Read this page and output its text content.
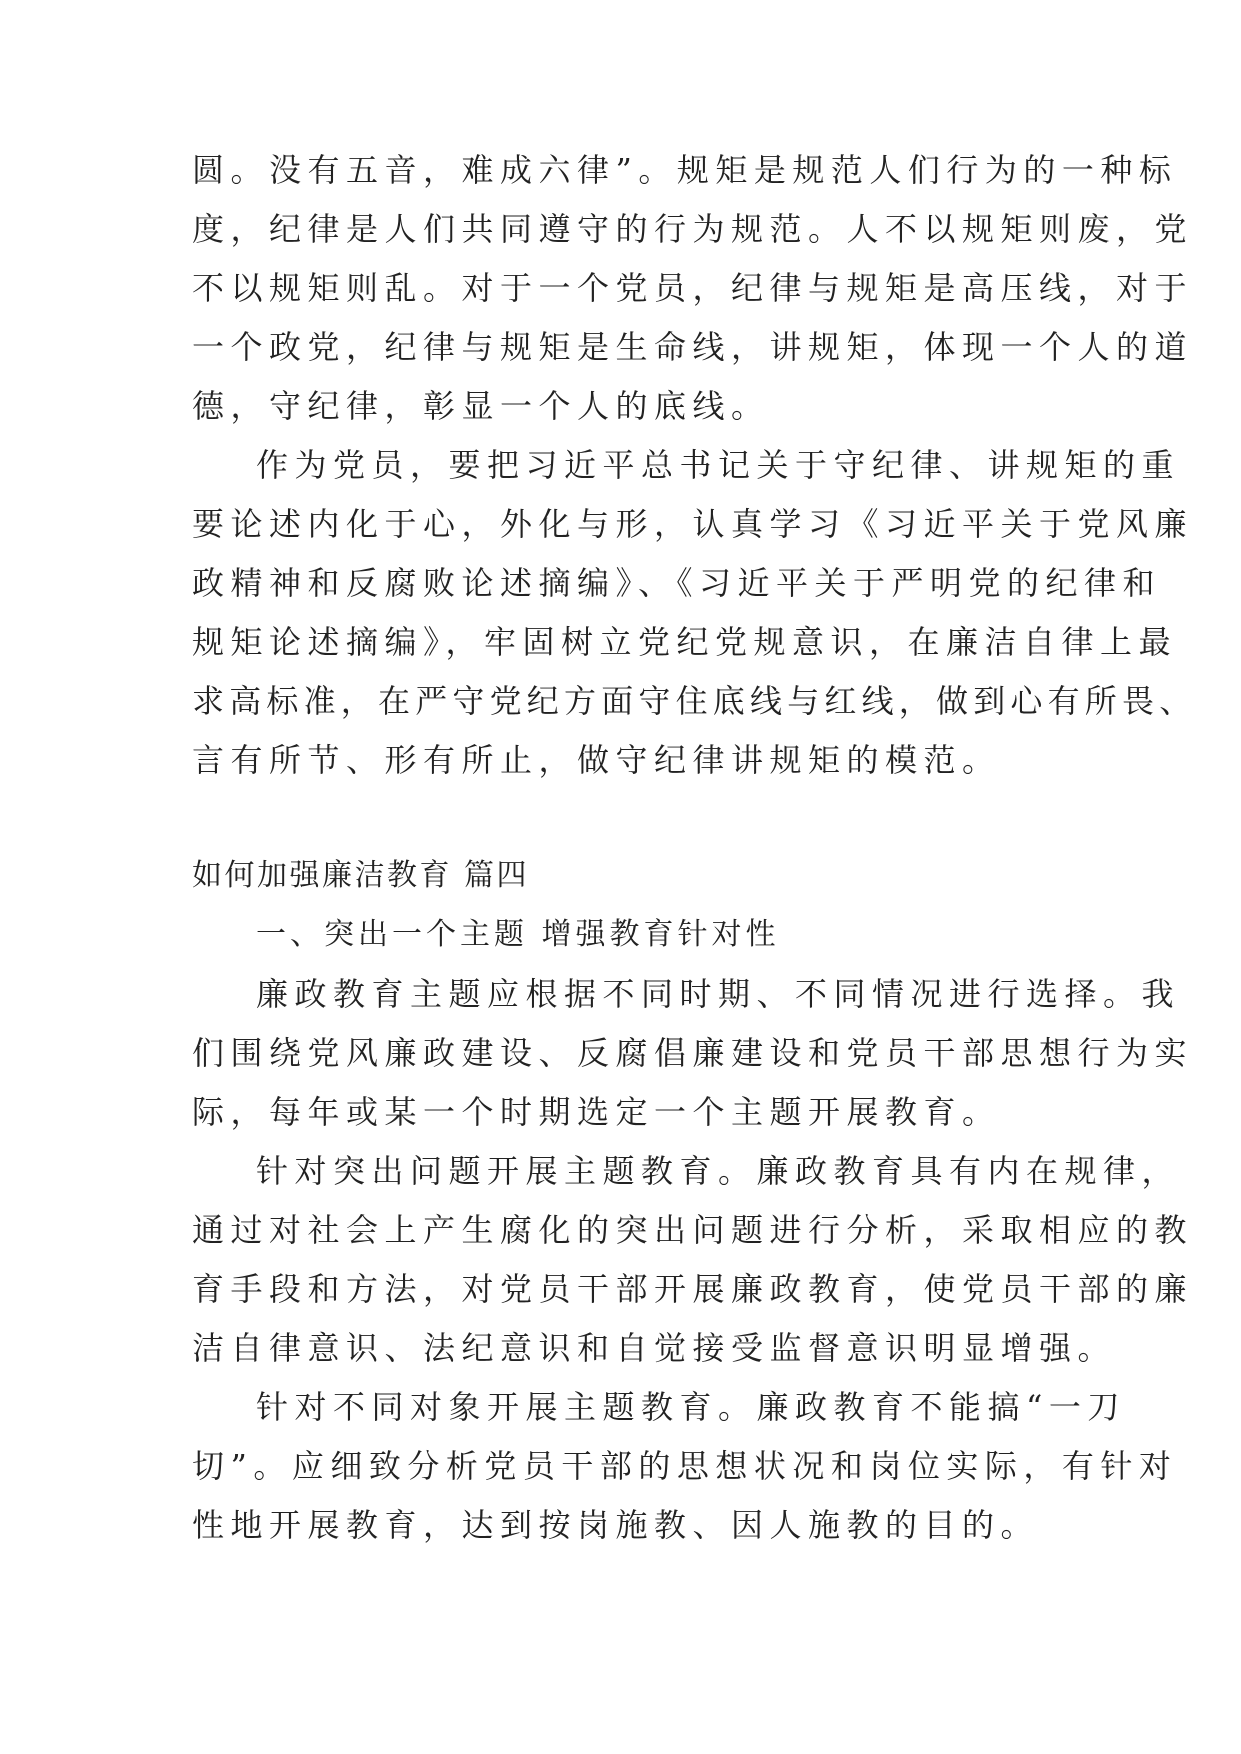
圆。没有五音，难成六律”。规矩是规范人们行为的一种标
度，纪律是人们共同遵守的行为规范。人不以规矩则废，党
不以规矩则乱。对于一个党员，纪律与规矩是高压线，对于
一个政党，纪律与规矩是生命线，讲规矩，体现一个人的道
德，守纪律，彰显一个人的底线。
作为党员，要把习近平总书记关于守纪律、讲规矩的重
要论述内化于心，外化与形，认真学习《习近平关于党风廉
政精神和反腐败论述摘编》、《习近平关于严明党的纪律和
规矩论述摘编》，牢固树立党纪党规意识，在廉洁自律上最
求高标准，在严守党纪方面守住底线与红线，做到心有所畏、
言有所节、形有所止，做守纪律讲规矩的模范。
如何加强廉洁教育 篇四
一、突出一个主题 增强教育针对性
廉政教育主题应根据不同时期、不同情况进行选择。我
们围绕党风廉政建设、反腐倡廉建设和党员干部思想行为实
际，每年或某一个时期选定一个主题开展教育。
针对突出问题开展主题教育。廉政教育具有内在规律，
通过对社会上产生腐化的突出问题进行分析，采取相应的教
育手段和方法，对党员干部开展廉政教育，使党员干部的廉
洁自律意识、法纪意识和自觉接受监督意识明显增强。
针对不同对象开展主题教育。廉政教育不能搞“一刀
切”。应细致分析党员干部的思想状况和岗位实际，有针对
性地开展教育，达到按岗施教、因人施教的目的。
